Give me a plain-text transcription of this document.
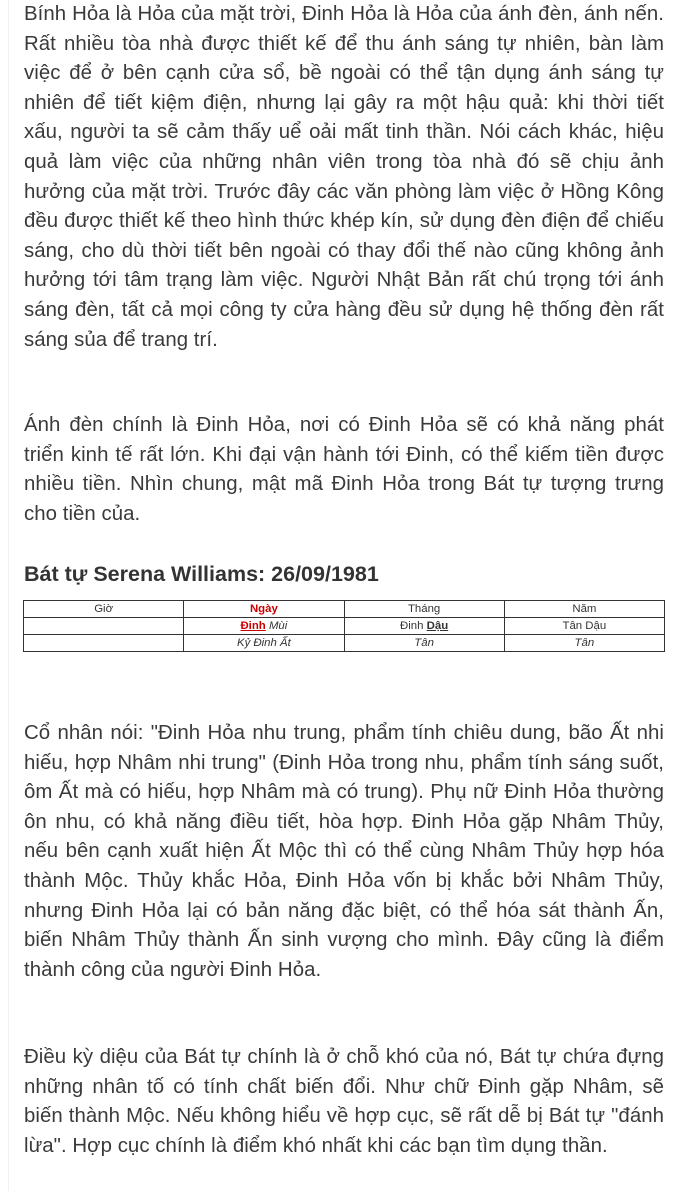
Bính Hỏa là Hỏa của mặt trời, Đinh Hỏa là Hỏa của ánh đèn, ánh nến. Rất nhiều tòa nhà được thiết kế để thu ánh sáng tự nhiên, bàn làm việc để ở bên cạnh cửa sổ, bề ngoài có thể tận dụng ánh sáng tự nhiên để tiết kiệm điện, nhưng lại gây ra một hậu quả: khi thời tiết xấu, người ta sẽ cảm thấy uể oải mất tinh thần. Nói cách khác, hiệu quả làm việc của những nhân viên trong tòa nhà đó sẽ chịu ảnh hưởng của mặt trời. Trước đây các văn phòng làm việc ở Hồng Kông đều được thiết kế theo hình thức khép kín, sử dụng đèn điện để chiếu sáng, cho dù thời tiết bên ngoài có thay đổi thế nào cũng không ảnh hưởng tới tâm trạng làm việc. Người Nhật Bản rất chú trọng tới ánh sáng đèn, tất cả mọi công ty cửa hàng đều sử dụng hệ thống đèn rất sáng sủa để trang trí.

Ánh đèn chính là Đinh Hỏa, nơi có Đinh Hỏa sẽ có khả năng phát triển kinh tế rất lớn. Khi đại vận hành tới Đinh, có thể kiếm tiền được nhiều tiền. Nhìn chung, mật mã Đinh Hỏa trong Bát tự tượng trưng cho tiền của.

Bát tự Serena Williams: 26/09/1981
Giờ	Ngày	Tháng	Năm
	Đinh Mùi	Đinh Dậu	Tân Dậu
	Kỷ Đinh Ất	Tân	Tân

Cổ nhân nói: "Đinh Hỏa nhu trung, phẩm tính chiêu dung, bão Ất nhi hiếu, hợp Nhâm nhi trung" (Đinh Hỏa trong nhu, phẩm tính sáng suốt, ôm Ất mà có hiếu, hợp Nhâm mà có trung). Phụ nữ Đinh Hỏa thường ôn nhu, có khả năng điều tiết, hòa hợp. Đinh Hỏa gặp Nhâm Thủy, nếu bên cạnh xuất hiện Ất Mộc thì có thể cùng Nhâm Thủy hợp hóa thành Mộc. Thủy khắc Hỏa, Đinh Hỏa vốn bị khắc bởi Nhâm Thủy, nhưng Đinh Hỏa lại có bản năng đặc biệt, có thể hóa sát thành Ấn, biến Nhâm Thủy thành Ấn sinh vượng cho mình. Đây cũng là điểm thành công của người Đinh Hỏa.

Điều kỳ diệu của Bát tự chính là ở chỗ khó của nó, Bát tự chứa đựng những nhân tố có tính chất biến đổi. Như chữ Đinh gặp Nhâm, sẽ biến thành Mộc. Nếu không hiểu về hợp cục, sẽ rất dễ bị Bát tự "đánh lừa". Hợp cục chính là điểm khó nhất khi các bạn tìm dụng thần.
